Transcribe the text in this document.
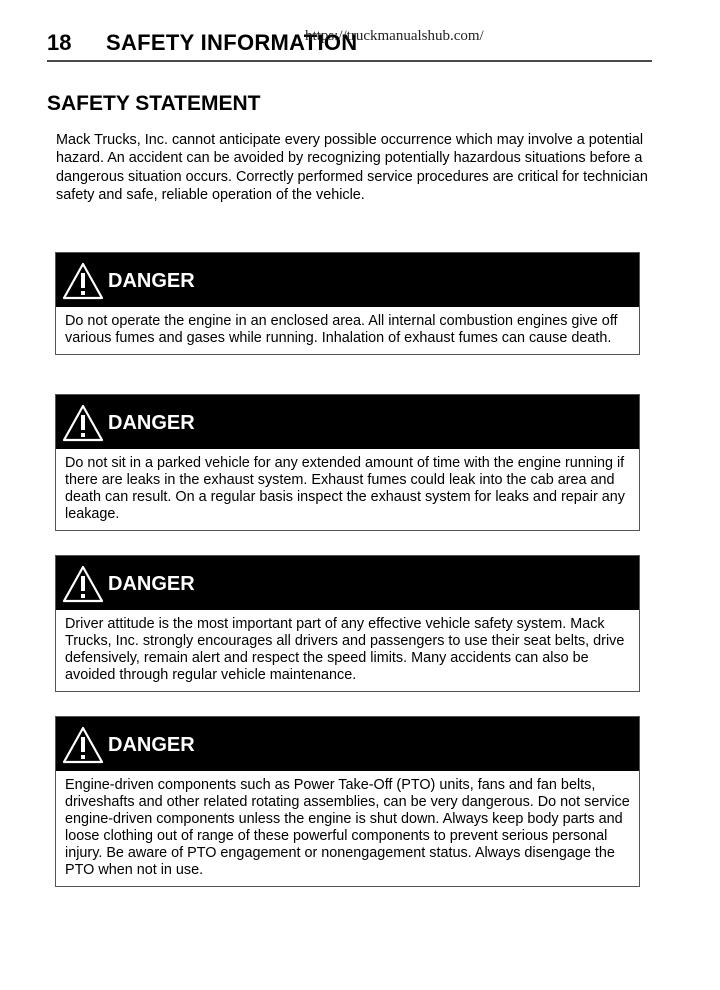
18 SAFETY INFORMATION
https://truckmanualshub.com/
SAFETY STATEMENT

Mack Trucks, Inc. cannot anticipate every possible occurrence which may involve a potential hazard. An accident can be avoided by recognizing potentially hazardous situations before a dangerous situation occurs. Correctly performed service procedures are critical for technician safety and safe, reliable operation of the vehicle.

DANGER

Do not operate the engine in an enclosed area. All internal combustion engines give off various fumes and gases while running. Inhalation of exhaust fumes can cause death.

DANGER

Do not sit in a parked vehicle for any extended amount of time with the engine running if there are leaks in the exhaust system. Exhaust fumes could leak into the cab area and death can result. On a regular basis inspect the exhaust system for leaks and repair any leakage.

DANGER

Driver attitude is the most important part of any effective vehicle safety system. Mack Trucks, Inc. strongly encourages all drivers and passengers to use their seat belts, drive defensively, remain alert and respect the speed limits. Many accidents can also be avoided through regular vehicle maintenance.

DANGER

Engine-driven components such as Power Take-Off (PTO) units, fans and fan belts, driveshafts and other related rotating assemblies, can be very dangerous. Do not service engine-driven components unless the engine is shut down. Always keep body parts and loose clothing out of range of these powerful components to prevent serious personal injury. Be aware of PTO engagement or nonengagement status. Always disengage the PTO when not in use.
